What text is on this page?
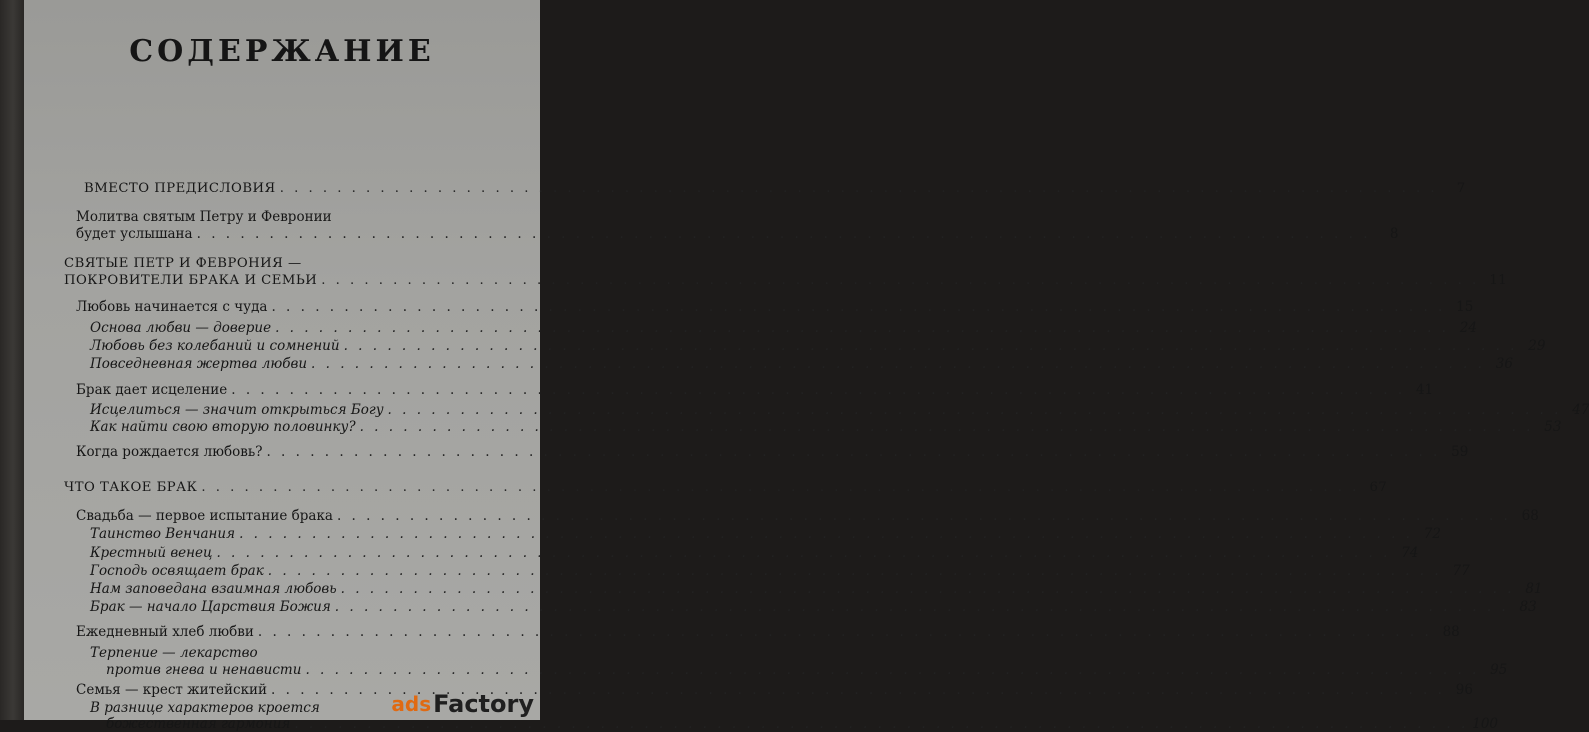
СОДЕРЖАНИЕ
ВМЕСТО ПРЕДИСЛОВИЯ . . .	7
Молитва святым Петру и Февронии
будет услышана . . .	8
СВЯТЫЕ ПЕТР И ФЕВРОНИЯ —
ПОКРОВИТЕЛИ БРАКА И СЕМЬИ . . .	11
Любовь начинается с чуда . . .	15
Основа любви — доверие . . .	24
Любовь без колебаний и сомнений . . .	29
Повседневная жертва любви . . .	36
Брак дает исцеление . . .	41
Исцелиться — значит открыться Богу . . .	47
Как найти свою вторую половинку? . . .	53
Когда рождается любовь? . . .	59
ЧТО ТАКОЕ БРАК . . .	67
Свадьба — первое испытание брака . . .	68
Таинство Венчания . . .	72
Крестный венец . . .	74
Господь освящает брак . . .	77
Нам заповедана взаимная любовь . . .	81
Брак — начало Царствия Божия . . .	83
Ежедневный хлеб любви . . .	88
Терпение — лекарство
против гнева и ненависти . . .	95
Семья — крест житейский . . .	96
В разнице характеров кроется
божественная гармония . . .	100
ads Factory
